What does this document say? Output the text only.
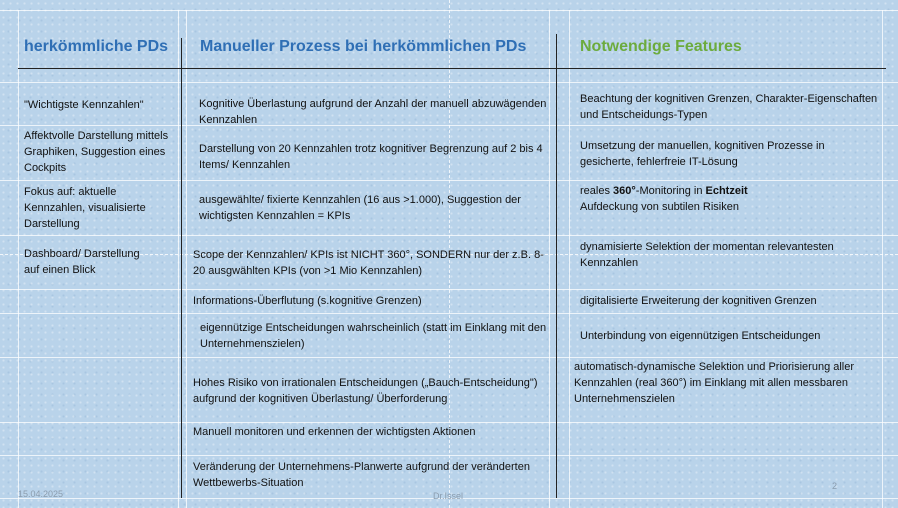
herkömmliche PDs Manueller Prozess bei herkömmlichen PDs	Notwendige Features
"Wichtigste Kennzahlen"
Affektvolle Darstellung mittels Graphiken, Suggestion eines Cockpits
Fokus auf: aktuelle Kennzahlen, visualisierte Darstellung
Dashboard/ Darstellung auf einen Blick
Kognitive Überlastung aufgrund der Anzahl der manuell abzuwägenden Kennzahlen
Darstellung von 20 Kennzahlen trotz kognitiver Begrenzung auf 2 bis 4 Items/ Kennzahlen
ausgewählte/ fixierte Kennzahlen (16 aus >1.000), Suggestion der wichtigsten Kennzahlen = KPIs
Scope der Kennzahlen/ KPIs ist NICHT 360°, SONDERN nur der z.B. 8-20 ausgwählten KPIs (von >1 Mio Kennzahlen)
Informations-Überflutung (s.kognitive Grenzen)
eigennützige Entscheidungen wahrscheinlich (statt im Einklang mit den Unternehmenszielen)
Hohes Risiko von irrationalen Entscheidungen („Bauch-Entscheidung") aufgrund der kognitiven Überlastung/ Überforderung
Manuell monitoren und erkennen der wichtigsten Aktionen
Veränderung der Unternehmens-Planwerte aufgrund der veränderten Wettbewerbs-Situation
Beachtung der kognitiven Grenzen, Charakter-Eigenschaften und Entscheidungs-Typen
Umsetzung der manuellen, kognitiven Prozesse in gesicherte, fehlerfreie IT-Lösung
reales 360°-Monitoring in Echtzeit
Aufdeckung von subtilen Risiken
dynamisierte Selektion der momentan relevantesten Kennzahlen
digitalisierte Erweiterung der kognitiven Grenzen
Unterbindung von eigennützigen Entscheidungen
automatisch-dynamische Selektion und Priorisierung aller Kennzahlen (real 360°) im Einklang mit allen messbaren Unternehmenszielen
15.04.2025	Dr.Issel
2
